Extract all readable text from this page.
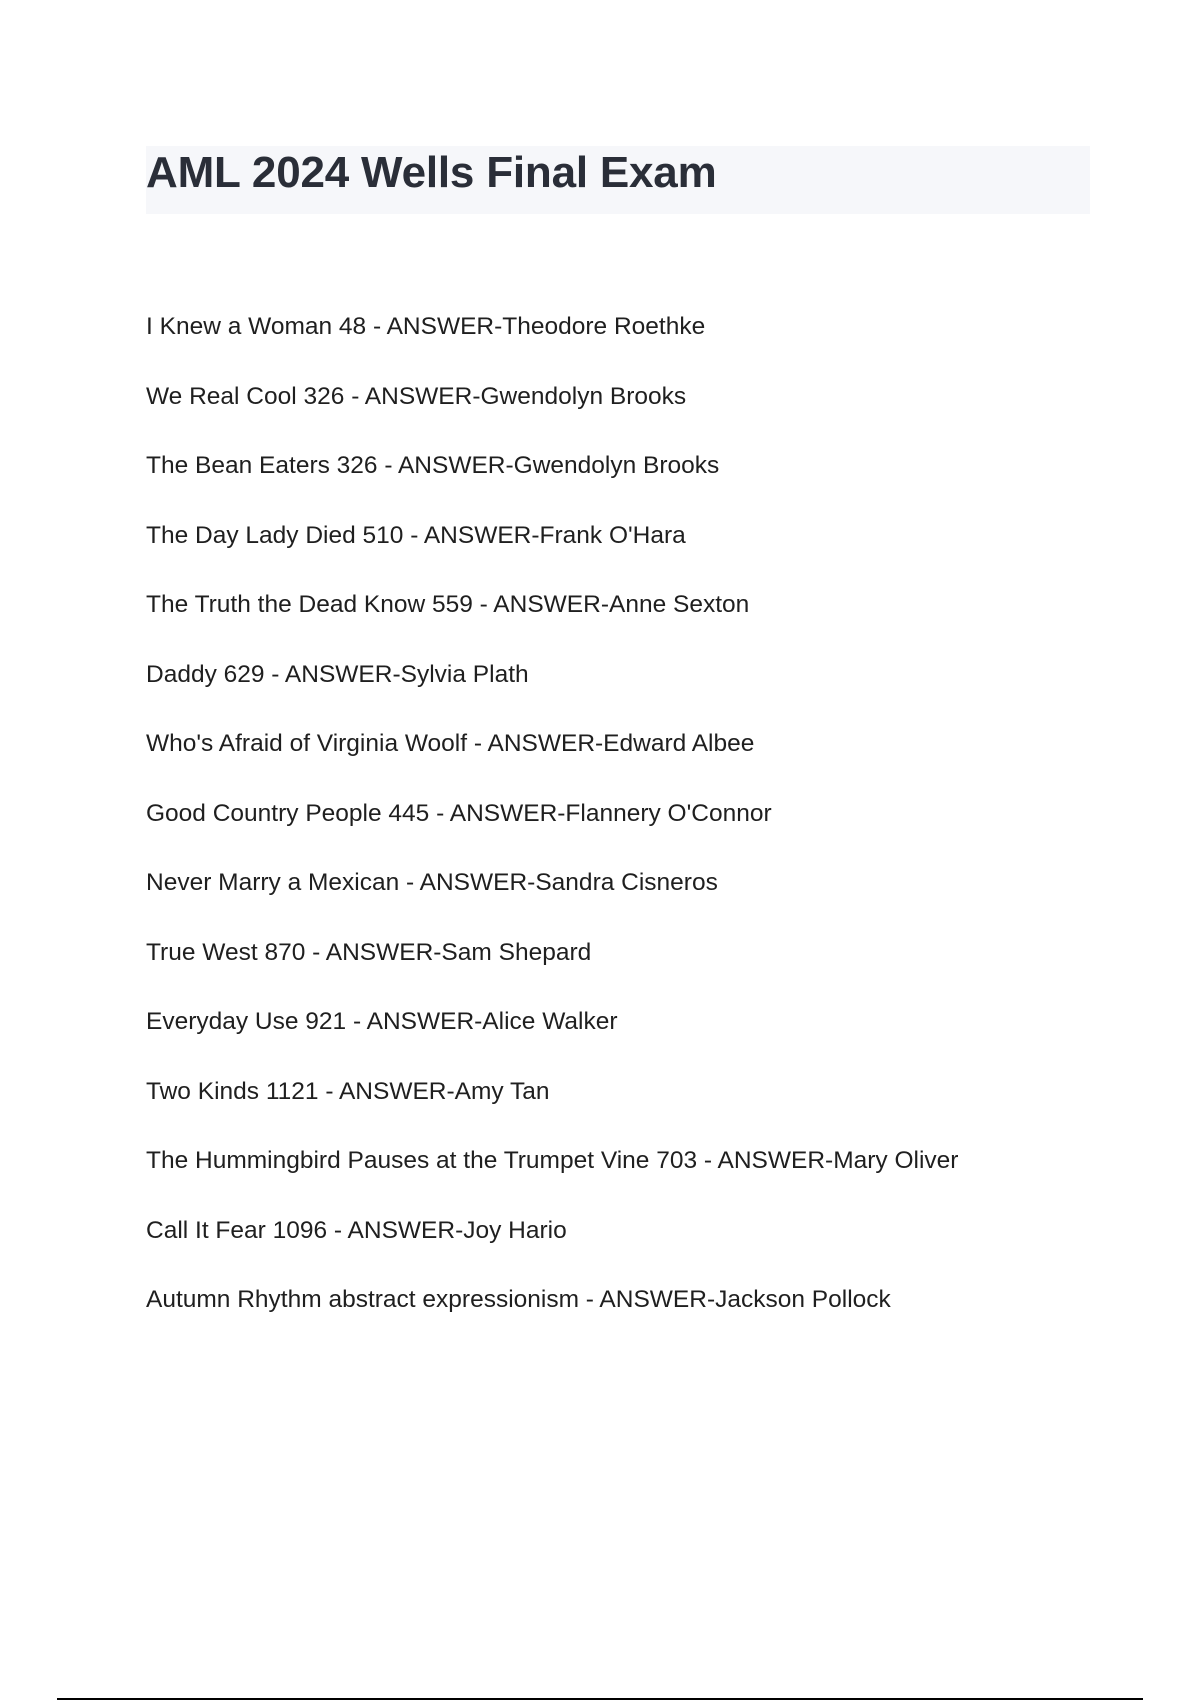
AML 2024 Wells Final Exam
I Knew a Woman 48 - ANSWER-Theodore Roethke
We Real Cool 326 - ANSWER-Gwendolyn Brooks
The Bean Eaters 326 - ANSWER-Gwendolyn Brooks
The Day Lady Died 510 - ANSWER-Frank O'Hara
The Truth the Dead Know 559 - ANSWER-Anne Sexton
Daddy 629 - ANSWER-Sylvia Plath
Who's Afraid of Virginia Woolf - ANSWER-Edward Albee
Good Country People 445 - ANSWER-Flannery O'Connor
Never Marry a Mexican - ANSWER-Sandra Cisneros
True West 870 - ANSWER-Sam Shepard
Everyday Use 921 - ANSWER-Alice Walker
Two Kinds 1121 - ANSWER-Amy Tan
The Hummingbird Pauses at the Trumpet Vine 703 - ANSWER-Mary Oliver
Call It Fear 1096 - ANSWER-Joy Hario
Autumn Rhythm abstract expressionism - ANSWER-Jackson Pollock
